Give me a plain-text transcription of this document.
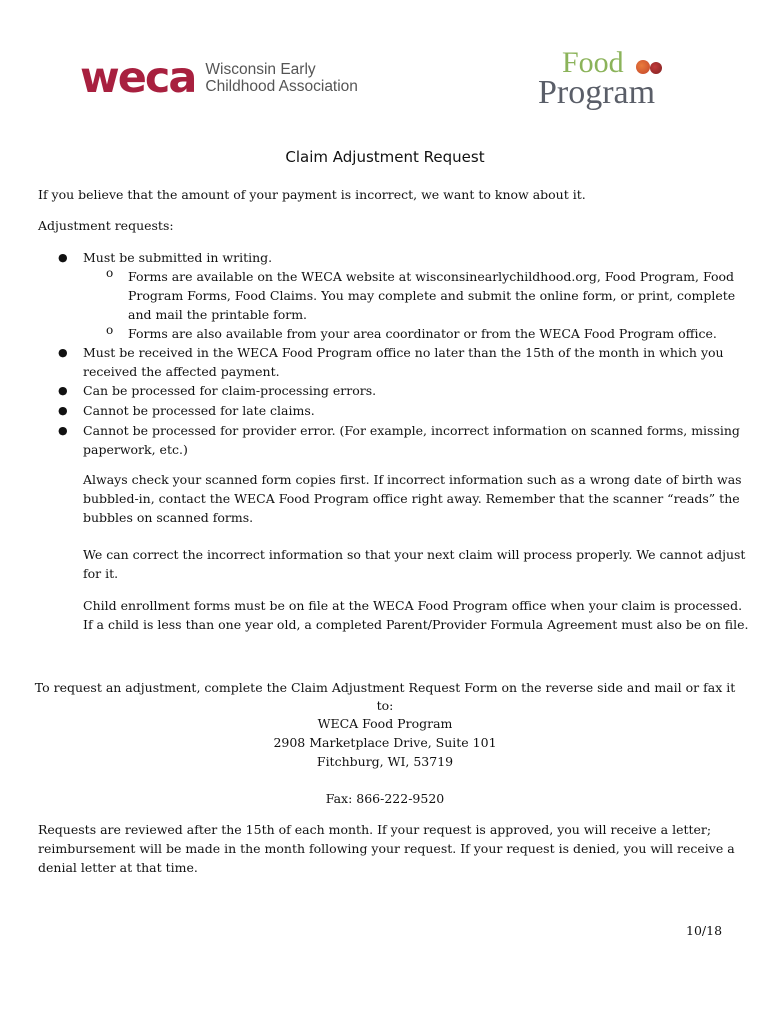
weca Wisconsin Early
Childhood Association
Food
Program
Claim Adjustment Request
If you believe that the amount of your payment is incorrect, we want to know about it.
Adjustment requests:
● Must be submitted in writing.
o Forms are available on the WECA website at wisconsinearlychildhood.org, Food Program, Food
Program Forms, Food Claims. You may complete and submit the online form, or print, complete
and mail the printable form.
o Forms are also available from your area coordinator or from the WECA Food Program office.
● Must be received in the WECA Food Program office no later than the 15th of the month in which you
received the affected payment.
● Can be processed for claim-processing errors.
● Cannot be processed for late claims.
● Cannot be processed for provider error. (For example, incorrect information on scanned forms, missing
paperwork, etc.)
Always check your scanned form copies first. If incorrect information such as a wrong date of birth was
bubbled-in, contact the WECA Food Program office right away. Remember that the scanner “reads” the
bubbles on scanned forms.
We can correct the incorrect information so that your next claim will process properly. We cannot adjust
for it.
Child enrollment forms must be on file at the WECA Food Program office when your claim is processed.
If a child is less than one year old, a completed Parent/Provider Formula Agreement must also be on file.
To request an adjustment, complete the Claim Adjustment Request Form on the reverse side and mail or fax it
to:
WECA Food Program
2908 Marketplace Drive, Suite 101
Fitchburg, WI, 53719
Fax: 866-222-9520
Requests are reviewed after the 15th of each month. If your request is approved, you will receive a letter;
reimbursement will be made in the month following your request. If your request is denied, you will receive a
denial letter at that time.
10/18
